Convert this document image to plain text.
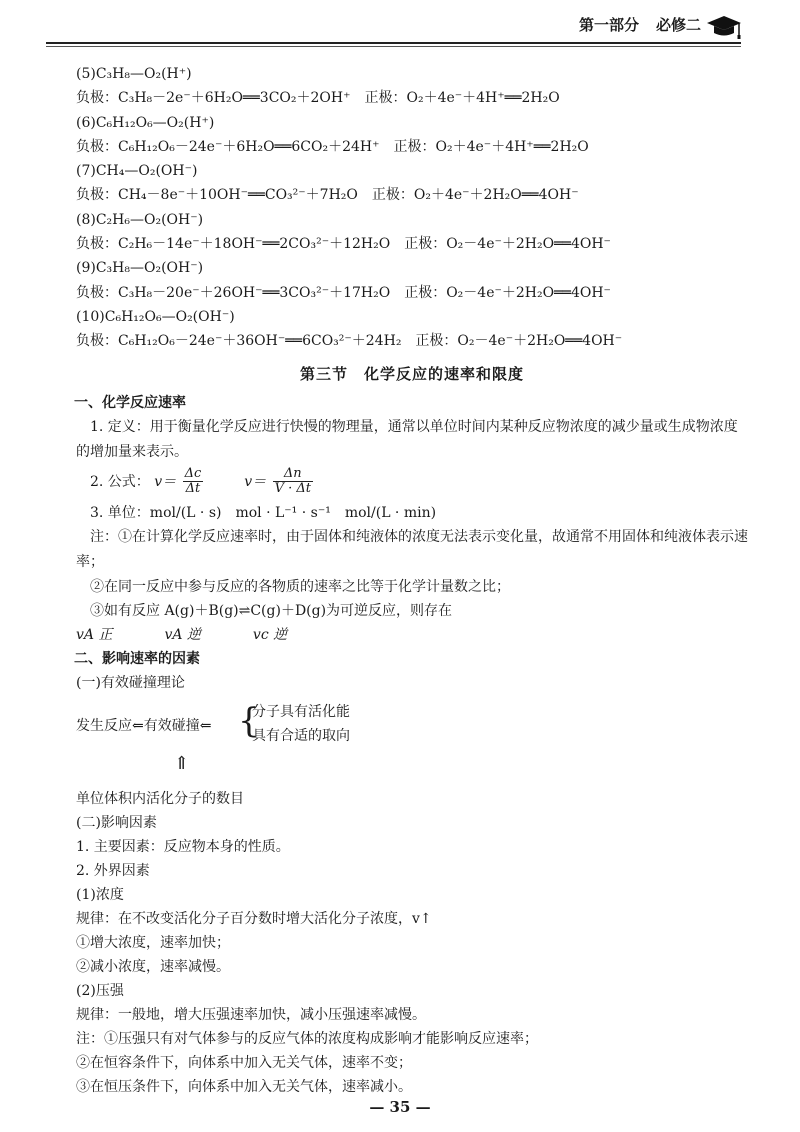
第一部分 必修二
(5)C₃H₈—O₂(H⁺)
负极：C₃H₈－2e⁻＋6H₂O══3CO₂＋2OH⁺　正极：O₂＋4e⁻＋4H⁺══2H₂O
(6)C₆H₁₂O₆—O₂(H⁺)
负极：C₆H₁₂O₆－24e⁻＋6H₂O══6CO₂＋24H⁺　正极：O₂＋4e⁻＋4H⁺══2H₂O
(7)CH₄—O₂(OH⁻)
负极：CH₄－8e⁻＋10OH⁻══CO₃²⁻＋7H₂O　正极：O₂＋4e⁻＋2H₂O══4OH⁻
(8)C₂H₆—O₂(OH⁻)
负极：C₂H₆－14e⁻＋18OH⁻══2CO₃²⁻＋12H₂O　正极：O₂－4e⁻＋2H₂O══4OH⁻
(9)C₃H₈—O₂(OH⁻)
负极：C₃H₈－20e⁻＋26OH⁻══3CO₃²⁻＋17H₂O　正极：O₂－4e⁻＋2H₂O══4OH⁻
(10)C₆H₁₂O₆—O₂(OH⁻)
负极：C₆H₁₂O₆－24e⁻＋36OH⁻══6CO₃²⁻＋24H₂　正极：O₂－4e⁻＋2H₂O══4OH⁻
第三节　化学反应的速率和限度
一、化学反应速率
1. 定义：用于衡量化学反应进行快慢的物理量，通常以单位时间内某种反应物浓度的减少量或生成物浓度的增加量来表示。
2. 公式： $v= \frac{\Delta c}{\Delta t}$	$v= \frac{\Delta n}{V \cdot \Delta t}$
3. 单位：mol/(L · s)　mol · L⁻¹ · s⁻¹　mol/(L · min)
注：①在计算化学反应速率时，由于固体和纯液体的浓度无法表示变化量，故通常不用固体和纯液体表示速率；
②在同一反应中参与反应的各物质的速率之比等于化学计量数之比；
③如有反应 A(g)＋B(g)⇌C(g)＋D(g)为可逆反应，则存在
vA 正	vA 逆	vc 逆
二、影响速率的因素
(一)有效碰撞理论
发生反应⇐有效碰撞⇐ {
分子具有活化能
具有合适的取向
⇑
单位体积内活化分子的数目
(二)影响因素
1. 主要因素：反应物本身的性质。
2. 外界因素
(1)浓度
规律：在不改变活化分子百分数时增大活化分子浓度，v↑
①增大浓度，速率加快；
②减小浓度，速率减慢。
(2)压强
规律：一般地，增大压强速率加快，减小压强速率减慢。
注：①压强只有对气体参与的反应气体的浓度构成影响才能影响反应速率；
②在恒容条件下，向体系中加入无关气体，速率不变；
③在恒压条件下，向体系中加入无关气体，速率减小。
— 35 —
